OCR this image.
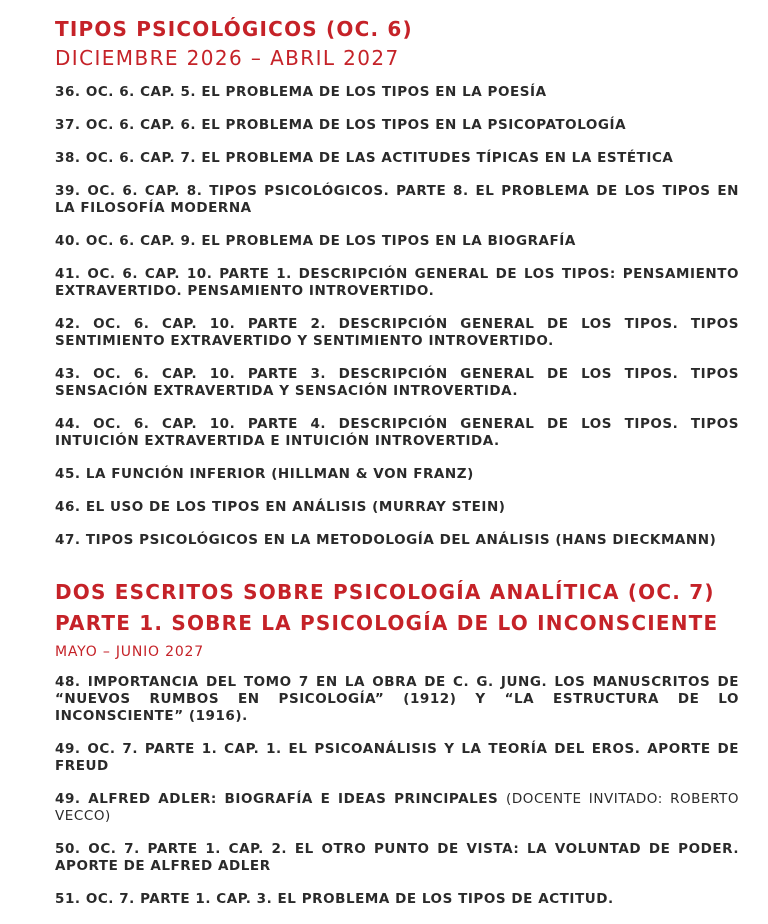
TIPOS PSICOLÓGICOS (OC. 6)
DICIEMBRE 2026 – ABRIL 2027
36. OC. 6. CAP. 5. EL PROBLEMA DE LOS TIPOS EN LA POESÍA
37. OC. 6. CAP. 6. EL PROBLEMA DE LOS TIPOS EN LA PSICOPATOLOGÍA
38. OC. 6. CAP. 7. EL PROBLEMA DE LAS ACTITUDES TÍPICAS EN LA ESTÉTICA
39. OC. 6. CAP. 8. TIPOS PSICOLÓGICOS. PARTE 8. EL PROBLEMA DE LOS TIPOS EN LA FILOSOFÍA MODERNA
40. OC. 6. CAP. 9. EL PROBLEMA DE LOS TIPOS EN LA BIOGRAFÍA
41. OC. 6. CAP. 10. PARTE 1. DESCRIPCIÓN GENERAL DE LOS TIPOS: PENSAMIENTO EXTRAVERTIDO. PENSAMIENTO INTROVERTIDO.
42. OC. 6. CAP. 10. PARTE 2. DESCRIPCIÓN GENERAL DE LOS TIPOS. TIPOS SENTIMIENTO EXTRAVERTIDO Y SENTIMIENTO INTROVERTIDO.
43. OC. 6. CAP. 10. PARTE 3. DESCRIPCIÓN GENERAL DE LOS TIPOS. TIPOS SENSACIÓN EXTRAVERTIDA Y SENSACIÓN INTROVERTIDA.
44. OC. 6. CAP. 10. PARTE 4. DESCRIPCIÓN GENERAL DE LOS TIPOS. TIPOS INTUICIÓN EXTRAVERTIDA E INTUICIÓN INTROVERTIDA.
45. LA FUNCIÓN INFERIOR (HILLMAN & VON FRANZ)
46. EL USO DE LOS TIPOS EN ANÁLISIS (MURRAY STEIN)
47. TIPOS PSICOLÓGICOS EN LA METODOLOGÍA DEL ANÁLISIS (HANS DIECKMANN)
DOS ESCRITOS SOBRE PSICOLOGÍA ANALÍTICA (OC. 7)
PARTE 1. SOBRE LA PSICOLOGÍA DE LO INCONSCIENTE
MAYO – JUNIO 2027
48. IMPORTANCIA DEL TOMO 7 EN LA OBRA DE C. G. JUNG. LOS MANUSCRITOS DE “NUEVOS RUMBOS EN PSICOLOGÍA” (1912) Y “LA ESTRUCTURA DE LO INCONSCIENTE” (1916).
49. OC. 7. PARTE 1. CAP. 1. EL PSICOANÁLISIS Y LA TEORÍA DEL EROS. APORTE DE FREUD
49. ALFRED ADLER: BIOGRAFÍA E IDEAS PRINCIPALES (DOCENTE INVITADO: ROBERTO VECCO)
50. OC. 7. PARTE 1. CAP. 2. EL OTRO PUNTO DE VISTA: LA VOLUNTAD DE PODER. APORTE DE ALFRED ADLER
51. OC. 7. PARTE 1. CAP. 3. EL PROBLEMA DE LOS TIPOS DE ACTITUD.
